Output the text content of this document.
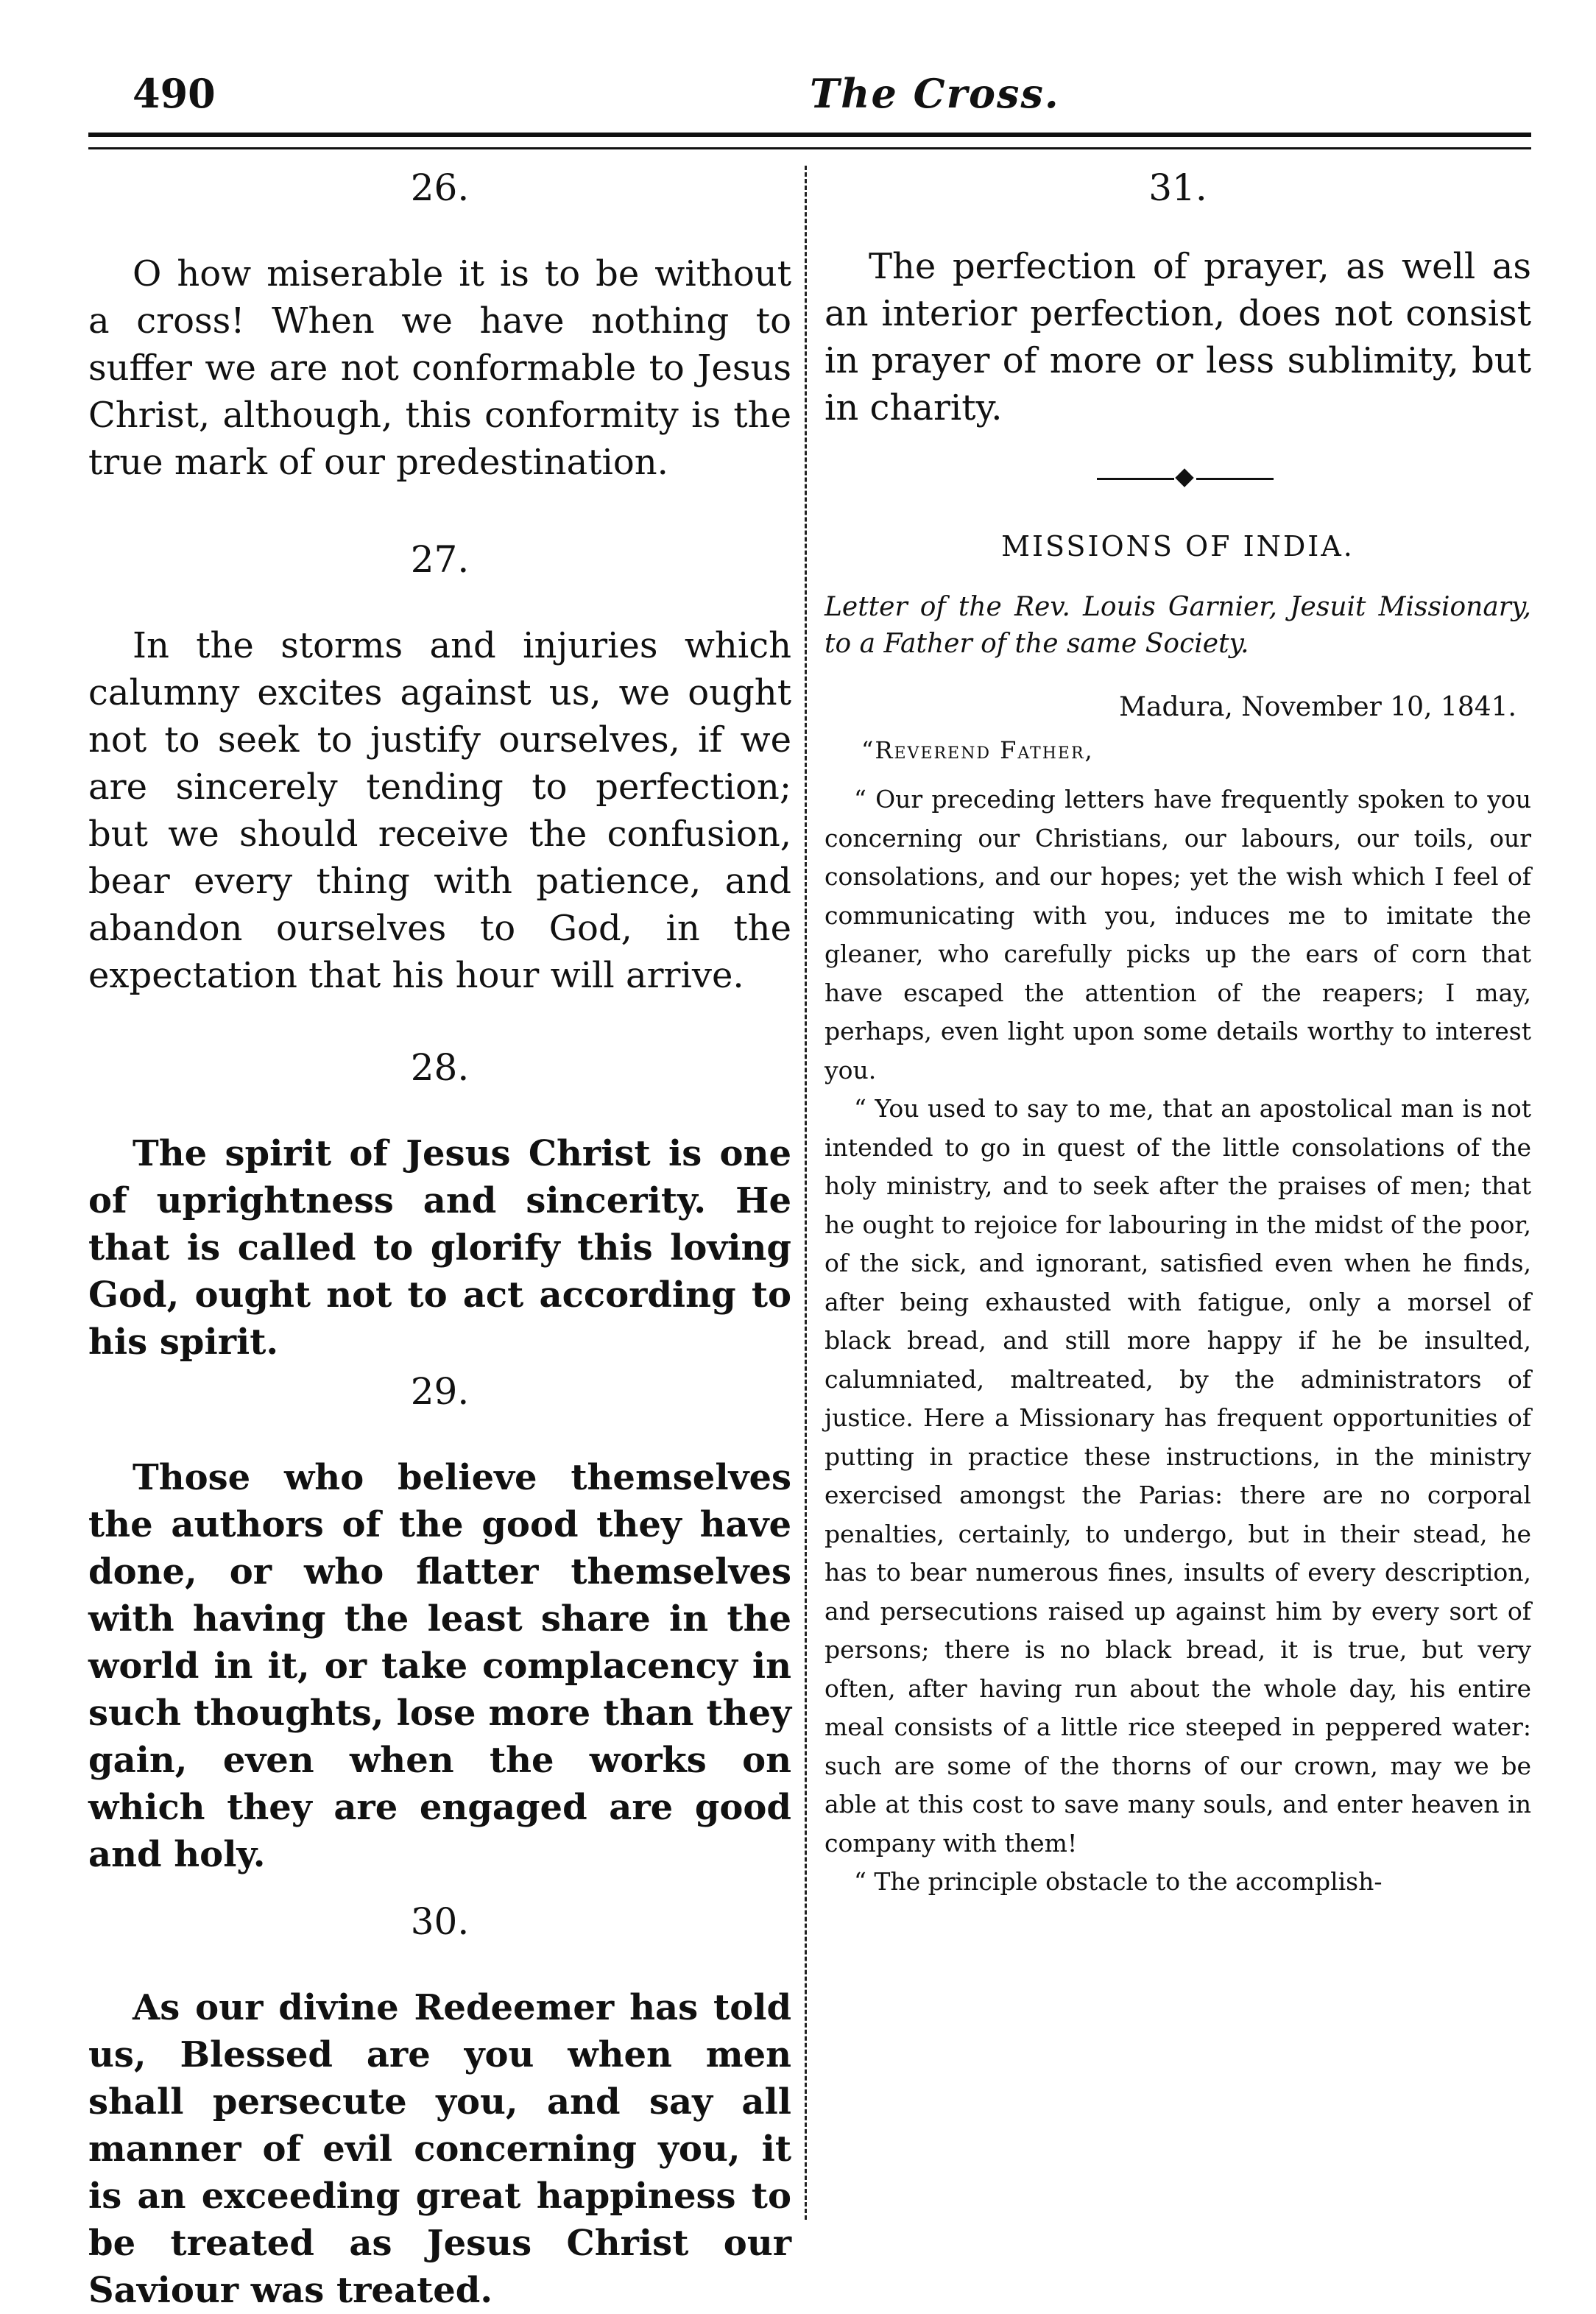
490	The Cross.

26.

O how miserable it is to be without a cross! When we have nothing to suffer we are not conformable to Jesus Christ, although, this conformity is the true mark of our predestination.

27.

In the storms and injuries which calumny excites against us, we ought not to seek to justify ourselves, if we are sincerely tending to perfection; but we should receive the confusion, bear every thing with patience, and abandon ourselves to God, in the expectation that his hour will arrive.

28.

The spirit of Jesus Christ is one of uprightness and sincerity. He that is called to glorify this loving God, ought not to act according to his spirit.

29.

Those who believe themselves the authors of the good they have done, or who flatter themselves with having the least share in the world in it, or take complacency in such thoughts, lose more than they gain, even when the works on which they are engaged are good and holy.

30.

As our divine Redeemer has told us, Blessed are you when men shall persecute you, and say all manner of evil concerning you, it is an exceeding great happiness to be treated as Jesus Christ our Saviour was treated.

31.

The perfection of prayer, as well as an interior perfection, does not consist in prayer of more or less sublimity, but in charity.

MISSIONS OF INDIA.
Letter of the Rev. Louis Garnier, Jesuit Missionary, to a Father of the same Society.
Madura, November 10, 1841.
“Reverend Father,

“ Our preceding letters have frequently spoken to you concerning our Christians, our labours, our toils, our consolations, and our hopes; yet the wish which I feel of communicating with you, induces me to imitate the gleaner, who carefully picks up the ears of corn that have escaped the attention of the reapers; I may, perhaps, even light upon some details worthy to interest you.

“ You used to say to me, that an apostolical man is not intended to go in quest of the little consolations of the holy ministry, and to seek after the praises of men; that he ought to rejoice for labouring in the midst of the poor, of the sick, and ignorant, satisfied even when he finds, after being exhausted with fatigue, only a morsel of black bread, and still more happy if he be insulted, calumniated, maltreated, by the administrators of justice. Here a Missionary has frequent opportunities of putting in practice these instructions, in the ministry exercised amongst the Parias: there are no corporal penalties, certainly, to undergo, but in their stead, he has to bear numerous fines, insults of every description, and persecutions raised up against him by every sort of persons; there is no black bread, it is true, but very often, after having run about the whole day, his entire meal consists of a little rice steeped in peppered water: such are some of the thorns of our crown, may we be able at this cost to save many souls, and enter heaven in company with them!

“ The principle obstacle to the accomplish-
